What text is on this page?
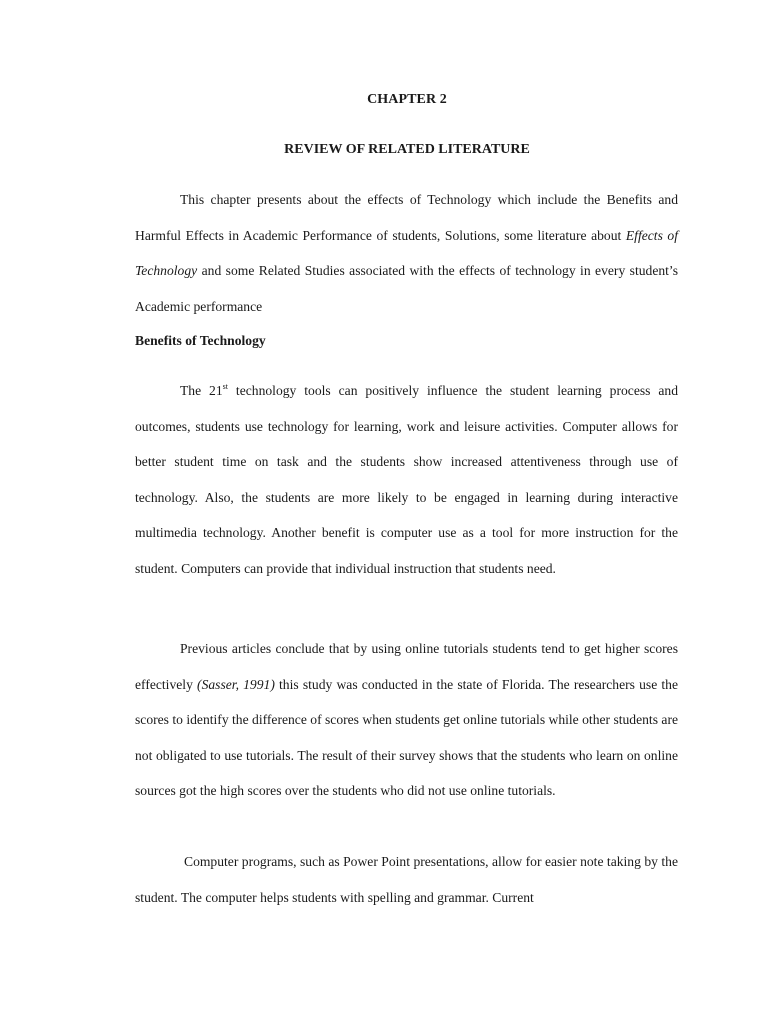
CHAPTER 2
REVIEW OF RELATED LITERATURE
This chapter presents about the effects of Technology which include the Benefits and Harmful Effects in Academic Performance of students, Solutions, some literature about Effects of Technology and some Related Studies associated with the effects of technology in every student’s Academic performance
Benefits of Technology
The 21st technology tools can positively influence the student learning process and outcomes, students use technology for learning, work and leisure activities. Computer allows for better student time on task and the students show increased attentiveness through use of technology. Also, the students are more likely to be engaged in learning during interactive multimedia technology. Another benefit is computer use as a tool for more instruction for the student. Computers can provide that individual instruction that students need.
Previous articles conclude that by using online tutorials students tend to get higher scores effectively (Sasser, 1991) this study was conducted in the state of Florida. The researchers use the scores to identify the difference of scores when students get online tutorials while other students are not obligated to use tutorials. The result of their survey shows that the students who learn on online sources got the high scores over the students who did not use online tutorials.
Computer programs, such as Power Point presentations, allow for easier note taking by the student. The computer helps students with spelling and grammar. Current
